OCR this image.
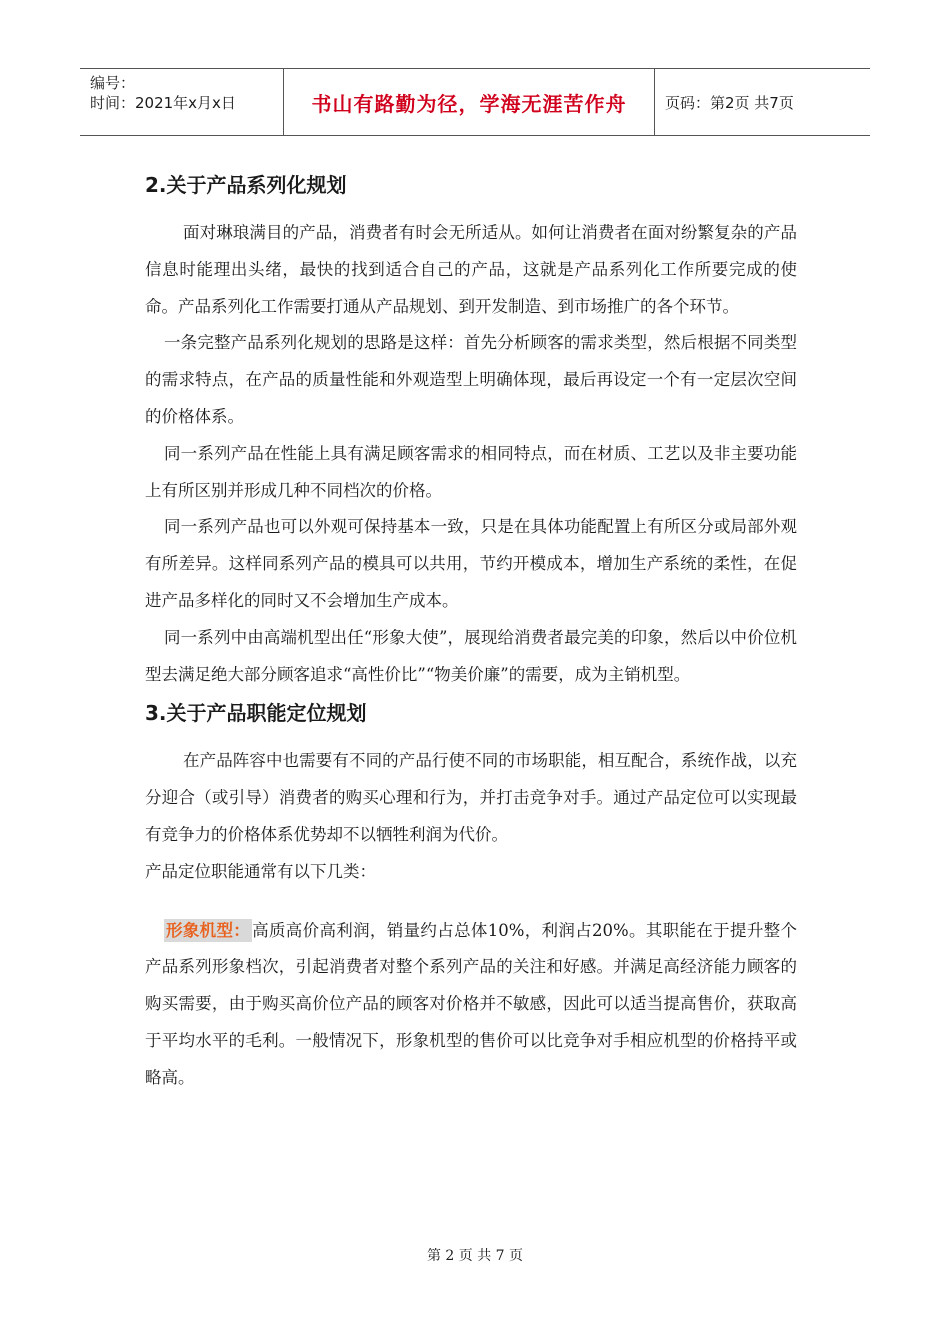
编号：
时间：2021年x月x日	书山有路勤为径，学海无涯苦作舟	页码：第2页 共7页
2.关于产品系列化规划

面对琳琅满目的产品，消费者有时会无所适从。如何让消费者在面对纷繁复杂的产品信息时能理出头绪，最快的找到适合自己的产品，这就是产品系列化工作所要完成的使命。产品系列化工作需要打通从产品规划、到开发制造、到市场推广的各个环节。

一条完整产品系列化规划的思路是这样：首先分析顾客的需求类型，然后根据不同类型的需求特点，在产品的质量性能和外观造型上明确体现，最后再设定一个有一定层次空间的价格体系。

同一系列产品在性能上具有满足顾客需求的相同特点，而在材质、工艺以及非主要功能上有所区别并形成几种不同档次的价格。

同一系列产品也可以外观可保持基本一致，只是在具体功能配置上有所区分或局部外观有所差异。这样同系列产品的模具可以共用，节约开模成本，增加生产系统的柔性，在促进产品多样化的同时又不会增加生产成本。

同一系列中由高端机型出任“形象大使”，展现给消费者最完美的印象，然后以中价位机型去满足绝大部分顾客追求“高性价比”“物美价廉”的需要，成为主销机型。

3.关于产品职能定位规划

在产品阵容中也需要有不同的产品行使不同的市场职能，相互配合，系统作战，以充分迎合（或引导）消费者的购买心理和行为，并打击竞争对手。通过产品定位可以实现最有竞争力的价格体系优势却不以牺牲利润为代价。

产品定位职能通常有以下几类：

形象机型： 高质高价高利润，销量约占总体10%，利润占20%。其职能在于提升整个产品系列形象档次，引起消费者对整个系列产品的关注和好感。并满足高经济能力顾客的购买需要，由于购买高价位产品的顾客对价格并不敏感，因此可以适当提高售价，获取高于平均水平的毛利。一般情况下，形象机型的售价可以比竞争对手相应机型的价格持平或略高。

第 2 页 共 7 页
